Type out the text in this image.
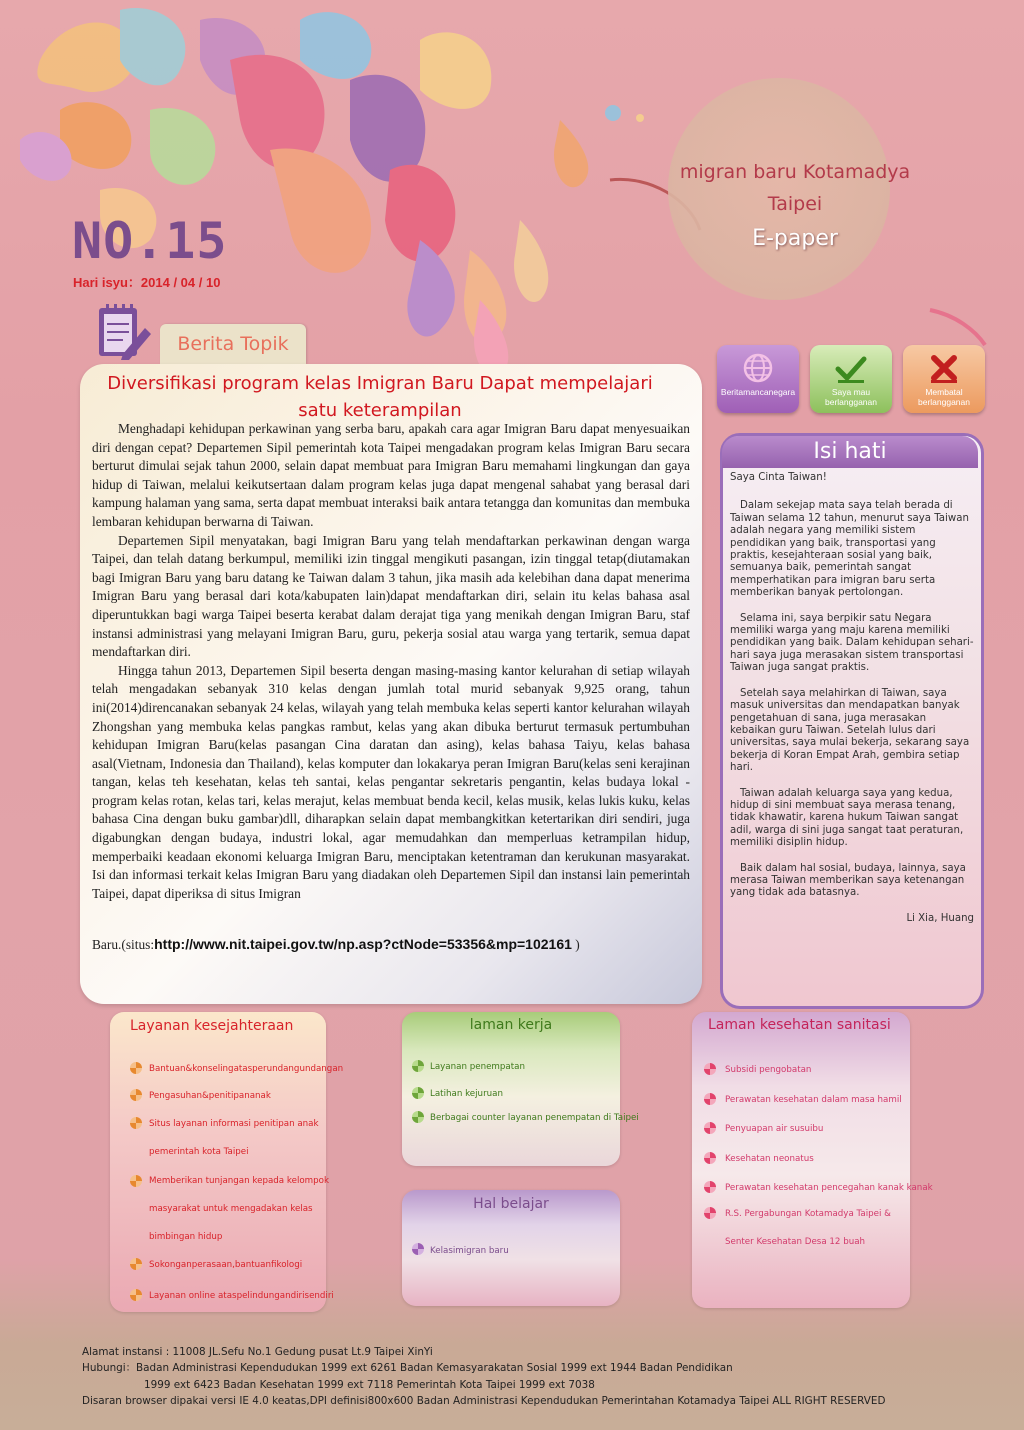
NO.15
Hari isyu：2014 / 04 / 10
migran baru Kotamadya Taipei
E-paper
Berita Topik
Diversifikasi program kelas Imigran Baru Dapat mempelajari satu keterampilan

Menghadapi kehidupan perkawinan yang serba baru, apakah cara agar Imigran Baru dapat menyesuaikan diri dengan cepat? Departemen Sipil pemerintah kota Taipei mengadakan program kelas Imigran Baru secara berturut dimulai sejak tahun 2000, selain dapat membuat para Imigran Baru memahami lingkungan dan gaya hidup di Taiwan, melalui keikutsertaan dalam program kelas juga dapat mengenal sahabat yang berasal dari kampung halaman yang sama, serta dapat membuat interaksi baik antara tetangga dan komunitas dan membuka lembaran kehidupan berwarna di Taiwan.

Departemen Sipil menyatakan, bagi Imigran Baru yang telah mendaftarkan perkawinan dengan warga Taipei, dan telah datang berkumpul, memiliki izin tinggal mengikuti pasangan, izin tinggal tetap(diutamakan bagi Imigran Baru yang baru datang ke Taiwan dalam 3 tahun, jika masih ada kelebihan dana dapat menerima Imigran Baru yang berasal dari kota/kabupaten lain)dapat mendaftarkan diri, selain itu kelas bahasa asal diperuntukkan bagi warga Taipei beserta kerabat dalam derajat tiga yang menikah dengan Imigran Baru, staf instansi administrasi yang melayani Imigran Baru, guru, pekerja sosial atau warga yang tertarik, semua dapat mendaftarkan diri.

Hingga tahun 2013, Departemen Sipil beserta dengan masing-masing kantor kelurahan di setiap wilayah telah mengadakan sebanyak 310 kelas dengan jumlah total murid sebanyak 9,925 orang, tahun ini(2014)direncanakan sebanyak 24 kelas, wilayah yang telah membuka kelas seperti kantor kelurahan wilayah Zhongshan yang membuka kelas pangkas rambut, kelas yang akan dibuka berturut termasuk pertumbuhan kehidupan Imigran Baru(kelas pasangan Cina daratan dan asing), kelas bahasa Taiyu, kelas bahasa asal(Vietnam, Indonesia dan Thailand), kelas komputer dan lokakarya peran Imigran Baru(kelas seni kerajinan tangan, kelas teh kesehatan, kelas teh santai, kelas pengantar sekretaris pengantin, kelas budaya lokal - program kelas rotan, kelas tari, kelas merajut, kelas membuat benda kecil, kelas musik, kelas lukis kuku, kelas bahasa Cina dengan buku gambar)dll, diharapkan selain dapat membangkitkan ketertarikan diri sendiri, juga digabungkan dengan budaya, industri lokal, agar memudahkan dan memperluas ketrampilan hidup, memperbaiki keadaan ekonomi keluarga Imigran Baru, menciptakan ketentraman dan kerukunan masyarakat. Isi dan informasi terkait kelas Imigran Baru yang diadakan oleh Departemen Sipil dan instansi lain pemerintah Taipei, dapat diperiksa di situs Imigran

Baru.(situs:http://www.nit.taipei.gov.tw/np.asp?ctNode=53356&mp=102161 )
Beritamancanegara	Saya mau berlangganan
Membatal berlangganan
Isi hati

Saya Cinta Taiwan!

Dalam sekejap mata saya telah berada di Taiwan selama 12 tahun, menurut saya Taiwan adalah negara yang memiliki sistem pendidikan yang baik, transportasi yang praktis, kesejahteraan sosial yang baik, semuanya baik, pemerintah sangat memperhatikan para imigran baru serta memberikan banyak pertolongan.

Selama ini, saya berpikir satu Negara memiliki warga yang maju karena memiliki pendidikan yang baik. Dalam kehidupan sehari-hari saya juga merasakan sistem transportasi Taiwan juga sangat praktis.

Setelah saya melahirkan di Taiwan, saya masuk universitas dan mendapatkan banyak pengetahuan di sana, juga merasakan kebaikan guru Taiwan. Setelah lulus dari universitas, saya mulai bekerja, sekarang saya bekerja di Koran Empat Arah, gembira setiap hari.

Taiwan adalah keluarga saya yang kedua, hidup di sini membuat saya merasa tenang, tidak khawatir, karena hukum Taiwan sangat adil, warga di sini juga sangat taat peraturan, memiliki disiplin hidup.

Baik dalam hal sosial, budaya, lainnya, saya merasa Taiwan memberikan saya ketenangan yang tidak ada batasnya.

Li Xia, Huang

Layanan kesejahteraan
Bantuan&konselingatasperundangundangan
Pengasuhan&penitipananak
Situs layanan informasi penitipan anak
pemerintah kota Taipei
Memberikan tunjangan kepada kelompok
masyarakat untuk mengadakan kelas
bimbingan hidup
Sokonganperasaan,bantuanfikologi
Layanan online ataspelindungandirisendiri
laman kerja
Layanan penempatan
Latihan kejuruan
Berbagai counter layanan penempatan di Taipei
Hal belajar
Kelasimigran baru
Laman kesehatan sanitasi
Subsidi pengobatan
Perawatan kesehatan dalam masa hamil
Penyuapan air susuibu
Kesehatan neonatus
Perawatan kesehatan pencegahan kanak kanak
R.S. Pergabungan Kotamadya Taipei &
Senter Kesehatan Desa 12 buah
Alamat instansi : 11008 JL.Sefu No.1 Gedung pusat Lt.9 Taipei XinYi
Hubungi：Badan Administrasi Kependudukan 1999 ext 6261 Badan Kemasyarakatan Sosial 1999 ext 1944 Badan Pendidikan
1999 ext 6423 Badan Kesehatan 1999 ext 7118 Pemerintah Kota Taipei 1999 ext 7038
Disaran browser dipakai versi IE 4.0 keatas,DPI definisi800x600 Badan Administrasi Kependudukan Pemerintahan Kotamadya Taipei ALL RIGHT RESERVED
